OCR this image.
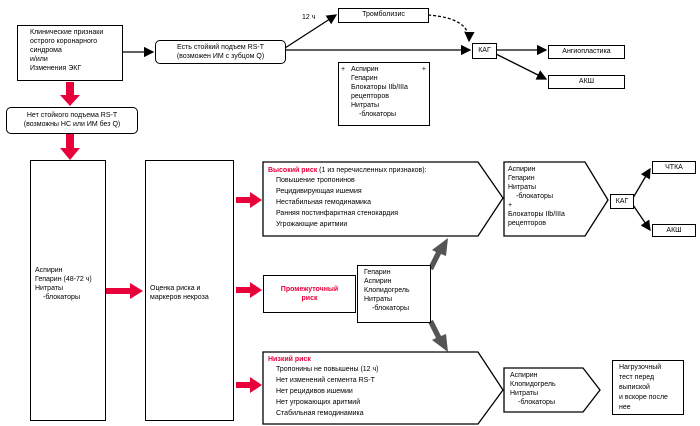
Клинические признаки
острого коронарного
синдрома
и/или
Изменения ЭКГ
Есть стойкий подъем RS-T
(возможен ИМ с зубцом Q)
12 ч	Тромболизис
КАГ	Ангиопластика
АКШ
+	+
Аспирин
Гепарин
Блокаторы IIb/IIIa
рецепторов
Нитраты
-блокаторы
Нет стойкого подъема RS-T
(возможны НС или ИМ без Q)
Аспирин
Гепарин (48-72 ч)
Нитраты
-блокаторы
Оценка риска и
маркеров некроза
Высокий риск (1 из перечисленных признаков):
Повышение тропонинов
Рецидивирующая ишемия
Нестабильная гемодинамика
Ранняя постинфарктная стенокардия
Угрожающие аритмии
Аспирин
Гепарин
Нитраты
-блокаторы
+
Блокаторы IIb/IIIa
рецепторов
КАГ
ЧТКА
АКШ
Промежуточный риск
Гепарин
Аспирин
Клопидогрель
Нитраты
-блокаторы
Низкий риск
Тропонины не повышены (12 ч)
Нет изменений сегмента RS-T
Нет рецидивов ишемии
Нет угрожающих аритмий
Стабильная гемодинамика
Аспирин
Клопидогрель
Нитраты
-блокаторы
Нагрузочный
тест перед
выпиской
и вскоре после
нее
